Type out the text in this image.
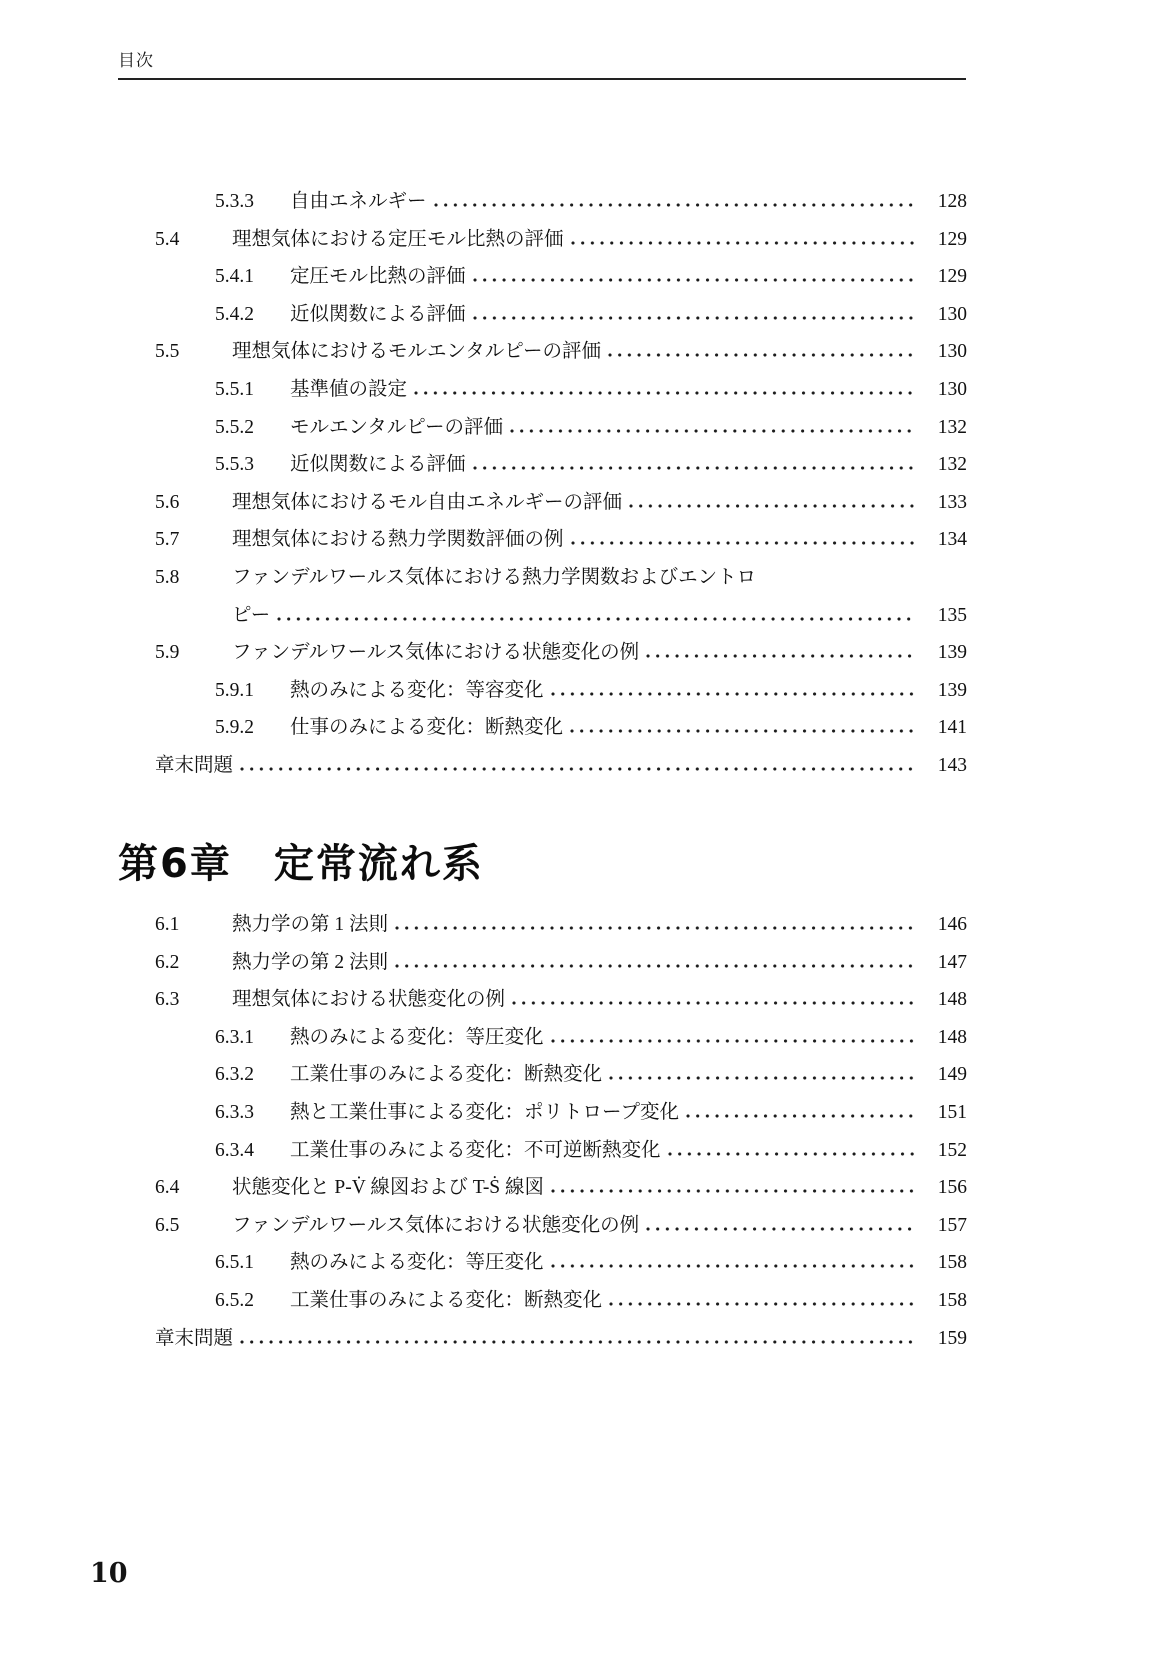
目次
5.3.3	自由エネルギー	128
5.4	理想気体における定圧モル比熱の評価	129
5.4.1	定圧モル比熱の評価	129
5.4.2	近似関数による評価	130
5.5	理想気体におけるモルエンタルピーの評価	130
5.5.1	基準値の設定	130
5.5.2	モルエンタルピーの評価	132
5.5.3	近似関数による評価	132
5.6	理想気体におけるモル自由エネルギーの評価	133
5.7	理想気体における熱力学関数評価の例	134
5.8	ファンデルワールス気体における熱力学関数およびエントロ
ピー	135
5.9	ファンデルワールス気体における状態変化の例	139
5.9.1	熱のみによる変化：等容変化	139
5.9.2	仕事のみによる変化：断熱変化	141
章末問題	143
第6章 定常流れ系
6.1	熱力学の第 1 法則	146
6.2	熱力学の第 2 法則	147
6.3	理想気体における状態変化の例	148
6.3.1	熱のみによる変化：等圧変化	148
6.3.2	工業仕事のみによる変化：断熱変化	149
6.3.3	熱と工業仕事による変化：ポリトロープ変化	151
6.3.4	工業仕事のみによる変化：不可逆断熱変化	152
6.4	状態変化と P-V̇ 線図および T-Ṡ 線図	156
6.5	ファンデルワールス気体における状態変化の例	157
6.5.1	熱のみによる変化：等圧変化	158
6.5.2	工業仕事のみによる変化：断熱変化	158
章末問題	159
10
